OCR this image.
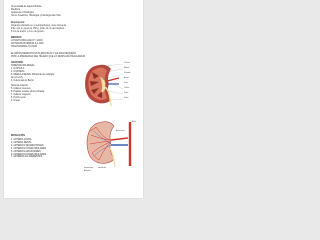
Universidad de Aquino Bolivia
Medicina
Anatomía e Histología
Tema: Anatomía, Histología y Fisiología del riñón
Descripción:
Órganos ubicados en el retroperitoneo, tiene forma de
frijol, con un peso de 150 g, mide 12 cm de longitud,
6 cm de ancho y 3 cm de grosor.
MEDIDAS
LONGITUDINAL DE 8 Y 12CM
ANTEROPOSTERIOR 3 A 4CM
TRANSVERSAL 5 A 6CM
EL RIÑÓN DERECHO ESTA MAS BAJO Y ES MAS PEQUEÑO
POR LA PRESENCIA DEL HÍGADO QUE LO DESPLAZA HACIA ABAJO
ANATOMÍA
PARÉNQUIMA RENAL:
1. CÁPSULA
2. CORTEZA
3. MÉDULA RENAL (Pirámide de malpighi
de 12 a 18)
4. Columnas de Bertin

Sistema colector:
5. Cálices menores
6. Papilas renales (Área cribosa)
7. Cálices mayores
8. Pelvis renal
9. Uréter
Corteza
Médula
Pirámide
Arteria
Vena
Cálices
Pelvis
Uréter
IRRIGACIÓN
1. ARTERIA AORTA
2. ARTERIA RENAL
3. ARTERIAS SEGMENTARIAS
4. ARTERIAS INTERLOBULARES
5. ARTERIAS ARCIFORMES
6. ARTERIAS INTERLOBULARES
7. ARTERIOLAS AFERENTES
Arteria renal
Aorta
Segmentaria	Interlobular
Arciforme
